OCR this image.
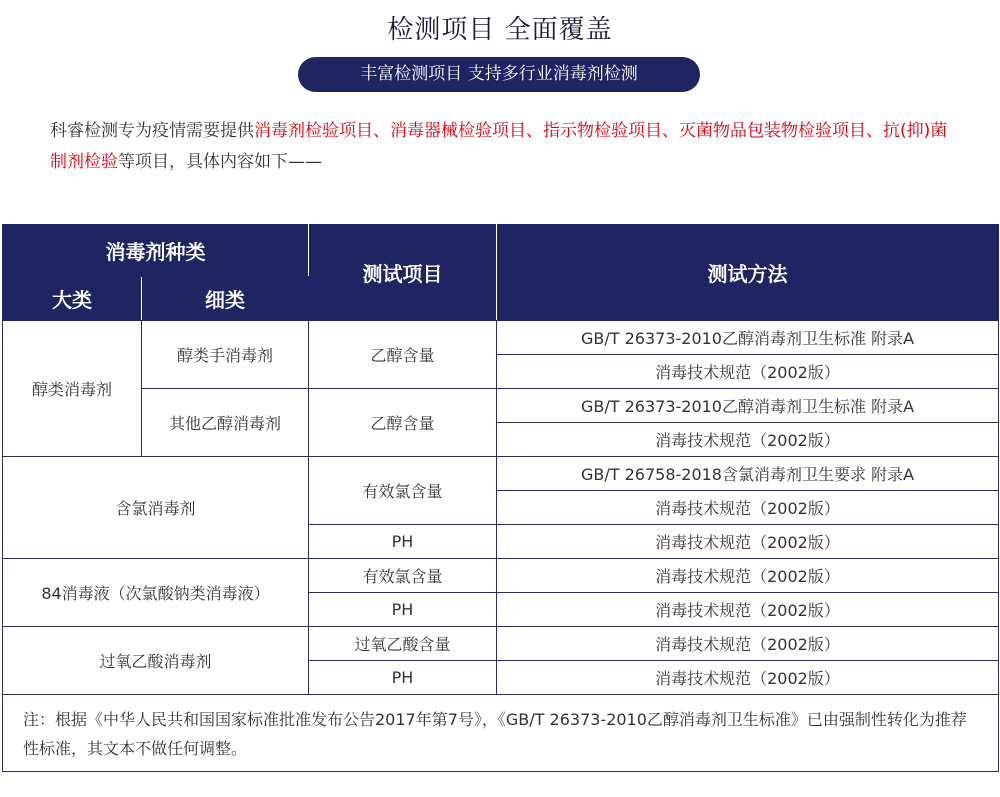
检测项目 全面覆盖
丰富检测项目 支持多行业消毒剂检测
科睿检测专为疫情需要提供消毒剂检验项目、消毒器械检验项目、指示物检验项目、灭菌物品包装物检验项目、抗(抑)菌制剂检验等项目，具体内容如下——
消毒剂种类		测试项目	测试方法
大类	细类		
醇类消毒剂	醇类手消毒剂	乙醇含量	GB/T 26373-2010乙醇消毒剂卫生标准 附录A
			消毒技术规范（2002版）
	其他乙醇消毒剂	乙醇含量	GB/T 26373-2010乙醇消毒剂卫生标准 附录A
			消毒技术规范（2002版）
含氯消毒剂		有效氯含量	GB/T 26758-2018含氯消毒剂卫生要求 附录A
			消毒技术规范（2002版）
		PH	消毒技术规范（2002版）
84消毒液（次氯酸钠类消毒液）		有效氯含量	消毒技术规范（2002版）
		PH	消毒技术规范（2002版）
过氧乙酸消毒剂		过氧乙酸含量	消毒技术规范（2002版）
		PH	消毒技术规范（2002版）
注：根据《中华人民共和国国家标准批准发布公告2017年第7号》，《GB/T 26373-2010乙醇消毒剂卫生标准》已由强制性转化为推荐性标准，其文本不做任何调整。			
